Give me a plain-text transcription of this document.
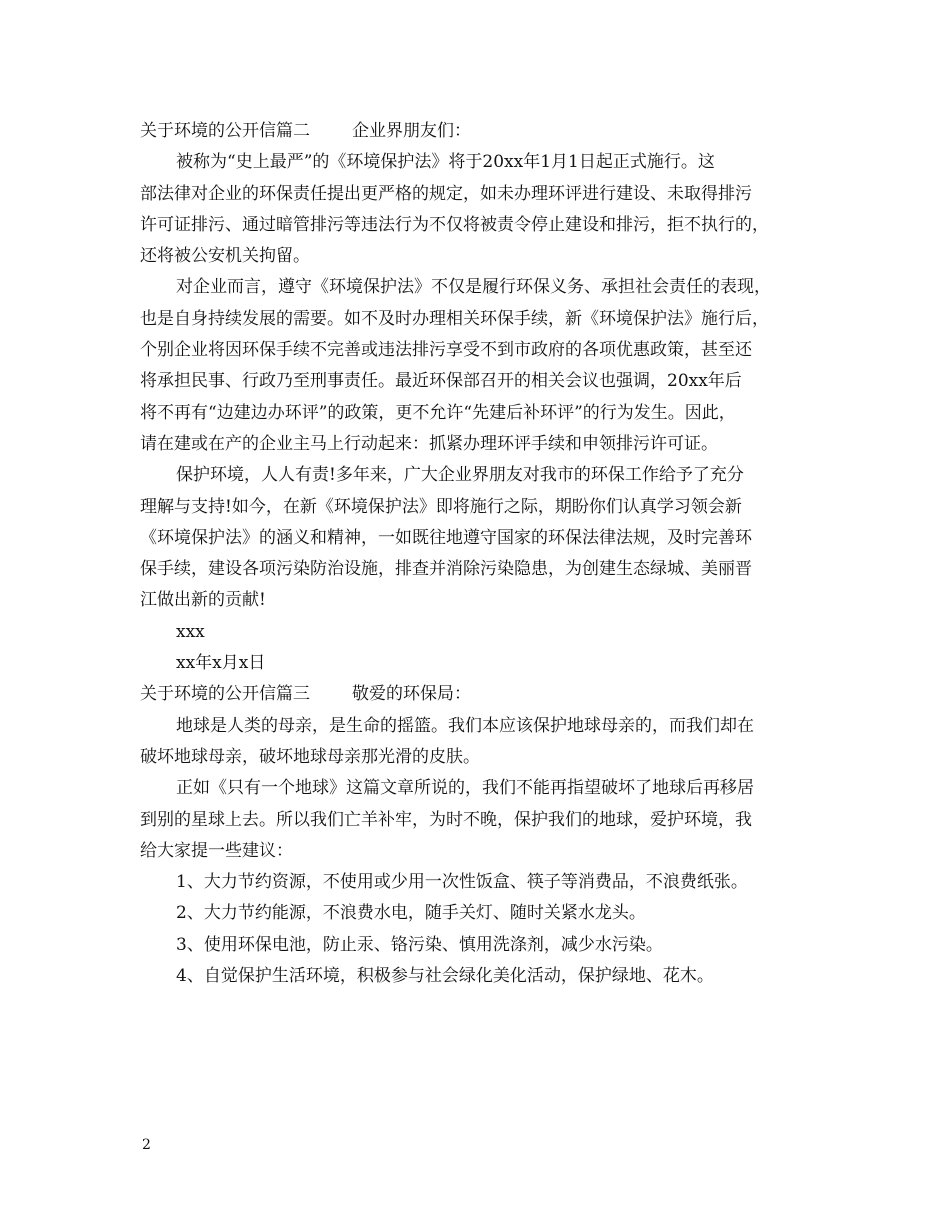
关于环境的公开信篇二 企业界朋友们：
被称为“史上最严”的《环境保护法》将于20xx年1月1日起正式施行。这
部法律对企业的环保责任提出更严格的规定，如未办理环评进行建设、未取得排污
许可证排污、通过暗管排污等违法行为不仅将被责令停止建设和排污，拒不执行的，
还将被公安机关拘留。
对企业而言，遵守《环境保护法》不仅是履行环保义务、承担社会责任的表现，
也是自身持续发展的需要。如不及时办理相关环保手续，新《环境保护法》施行后，
个别企业将因环保手续不完善或违法排污享受不到市政府的各项优惠政策，甚至还
将承担民事、行政乃至刑事责任。最近环保部召开的相关会议也强调，20xx年后
将不再有“边建边办环评”的政策，更不允许“先建后补环评”的行为发生。因此，
请在建或在产的企业主马上行动起来：抓紧办理环评手续和申领排污许可证。
保护环境，人人有责!多年来，广大企业界朋友对我市的环保工作给予了充分
理解与支持!如今，在新《环境保护法》即将施行之际，期盼你们认真学习领会新
《环境保护法》的涵义和精神，一如既往地遵守国家的环保法律法规，及时完善环
保手续，建设各项污染防治设施，排查并消除污染隐患，为创建生态绿城、美丽晋
江做出新的贡献!
xxx
xx年x月x日
关于环境的公开信篇三 敬爱的环保局：
地球是人类的母亲，是生命的摇篮。我们本应该保护地球母亲的，而我们却在
破坏地球母亲，破坏地球母亲那光滑的皮肤。
正如《只有一个地球》这篇文章所说的，我们不能再指望破坏了地球后再移居
到别的星球上去。所以我们亡羊补牢，为时不晚，保护我们的地球，爱护环境，我
给大家提一些建议：
1、大力节约资源，不使用或少用一次性饭盒、筷子等消费品，不浪费纸张。
2、大力节约能源，不浪费水电，随手关灯、随时关紧水龙头。
3、使用环保电池，防止汞、铬污染、慎用洗涤剂，减少水污染。
4、自觉保护生活环境，积极参与社会绿化美化活动，保护绿地、花木。
2
